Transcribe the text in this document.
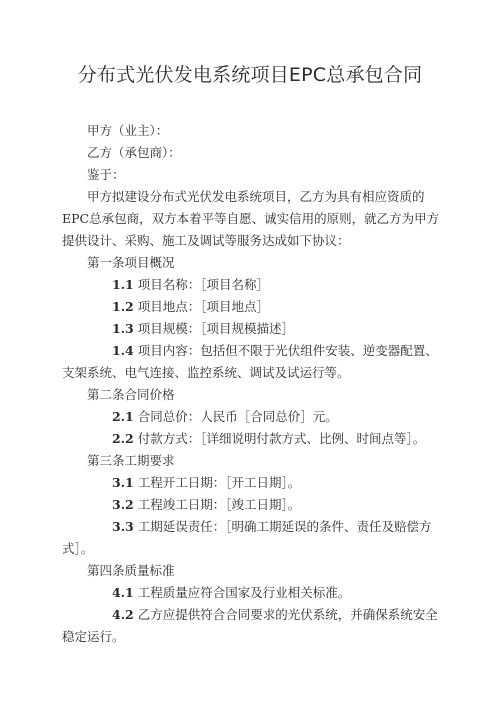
分布式光伏发电系统项目EPC总承包合同

甲方（业主）：

乙方（承包商）：

鉴于：

甲方拟建设分布式光伏发电系统项目，乙方为具有相应资质的EPC总承包商，双方本着平等自愿、诚实信用的原则，就乙方为甲方提供设计、采购、施工及调试等服务达成如下协议：

第一条项目概况

1.1 项目名称：［项目名称］

1.2 项目地点：［项目地点］

1.3 项目规模：［项目规模描述］

1.4 项目内容：包括但不限于光伏组件安装、逆变器配置、支架系统、电气连接、监控系统、调试及试运行等。

第二条合同价格

2.1 合同总价：人民币［合同总价］元。

2.2 付款方式：［详细说明付款方式、比例、时间点等］。

第三条工期要求

3.1 工程开工日期：［开工日期］。

3.2 工程竣工日期：［竣工日期］。

3.3 工期延误责任：［明确工期延误的条件、责任及赔偿方式］。

第四条质量标准

4.1 工程质量应符合国家及行业相关标准。

4.2 乙方应提供符合合同要求的光伏系统，并确保系统安全稳定运行。
